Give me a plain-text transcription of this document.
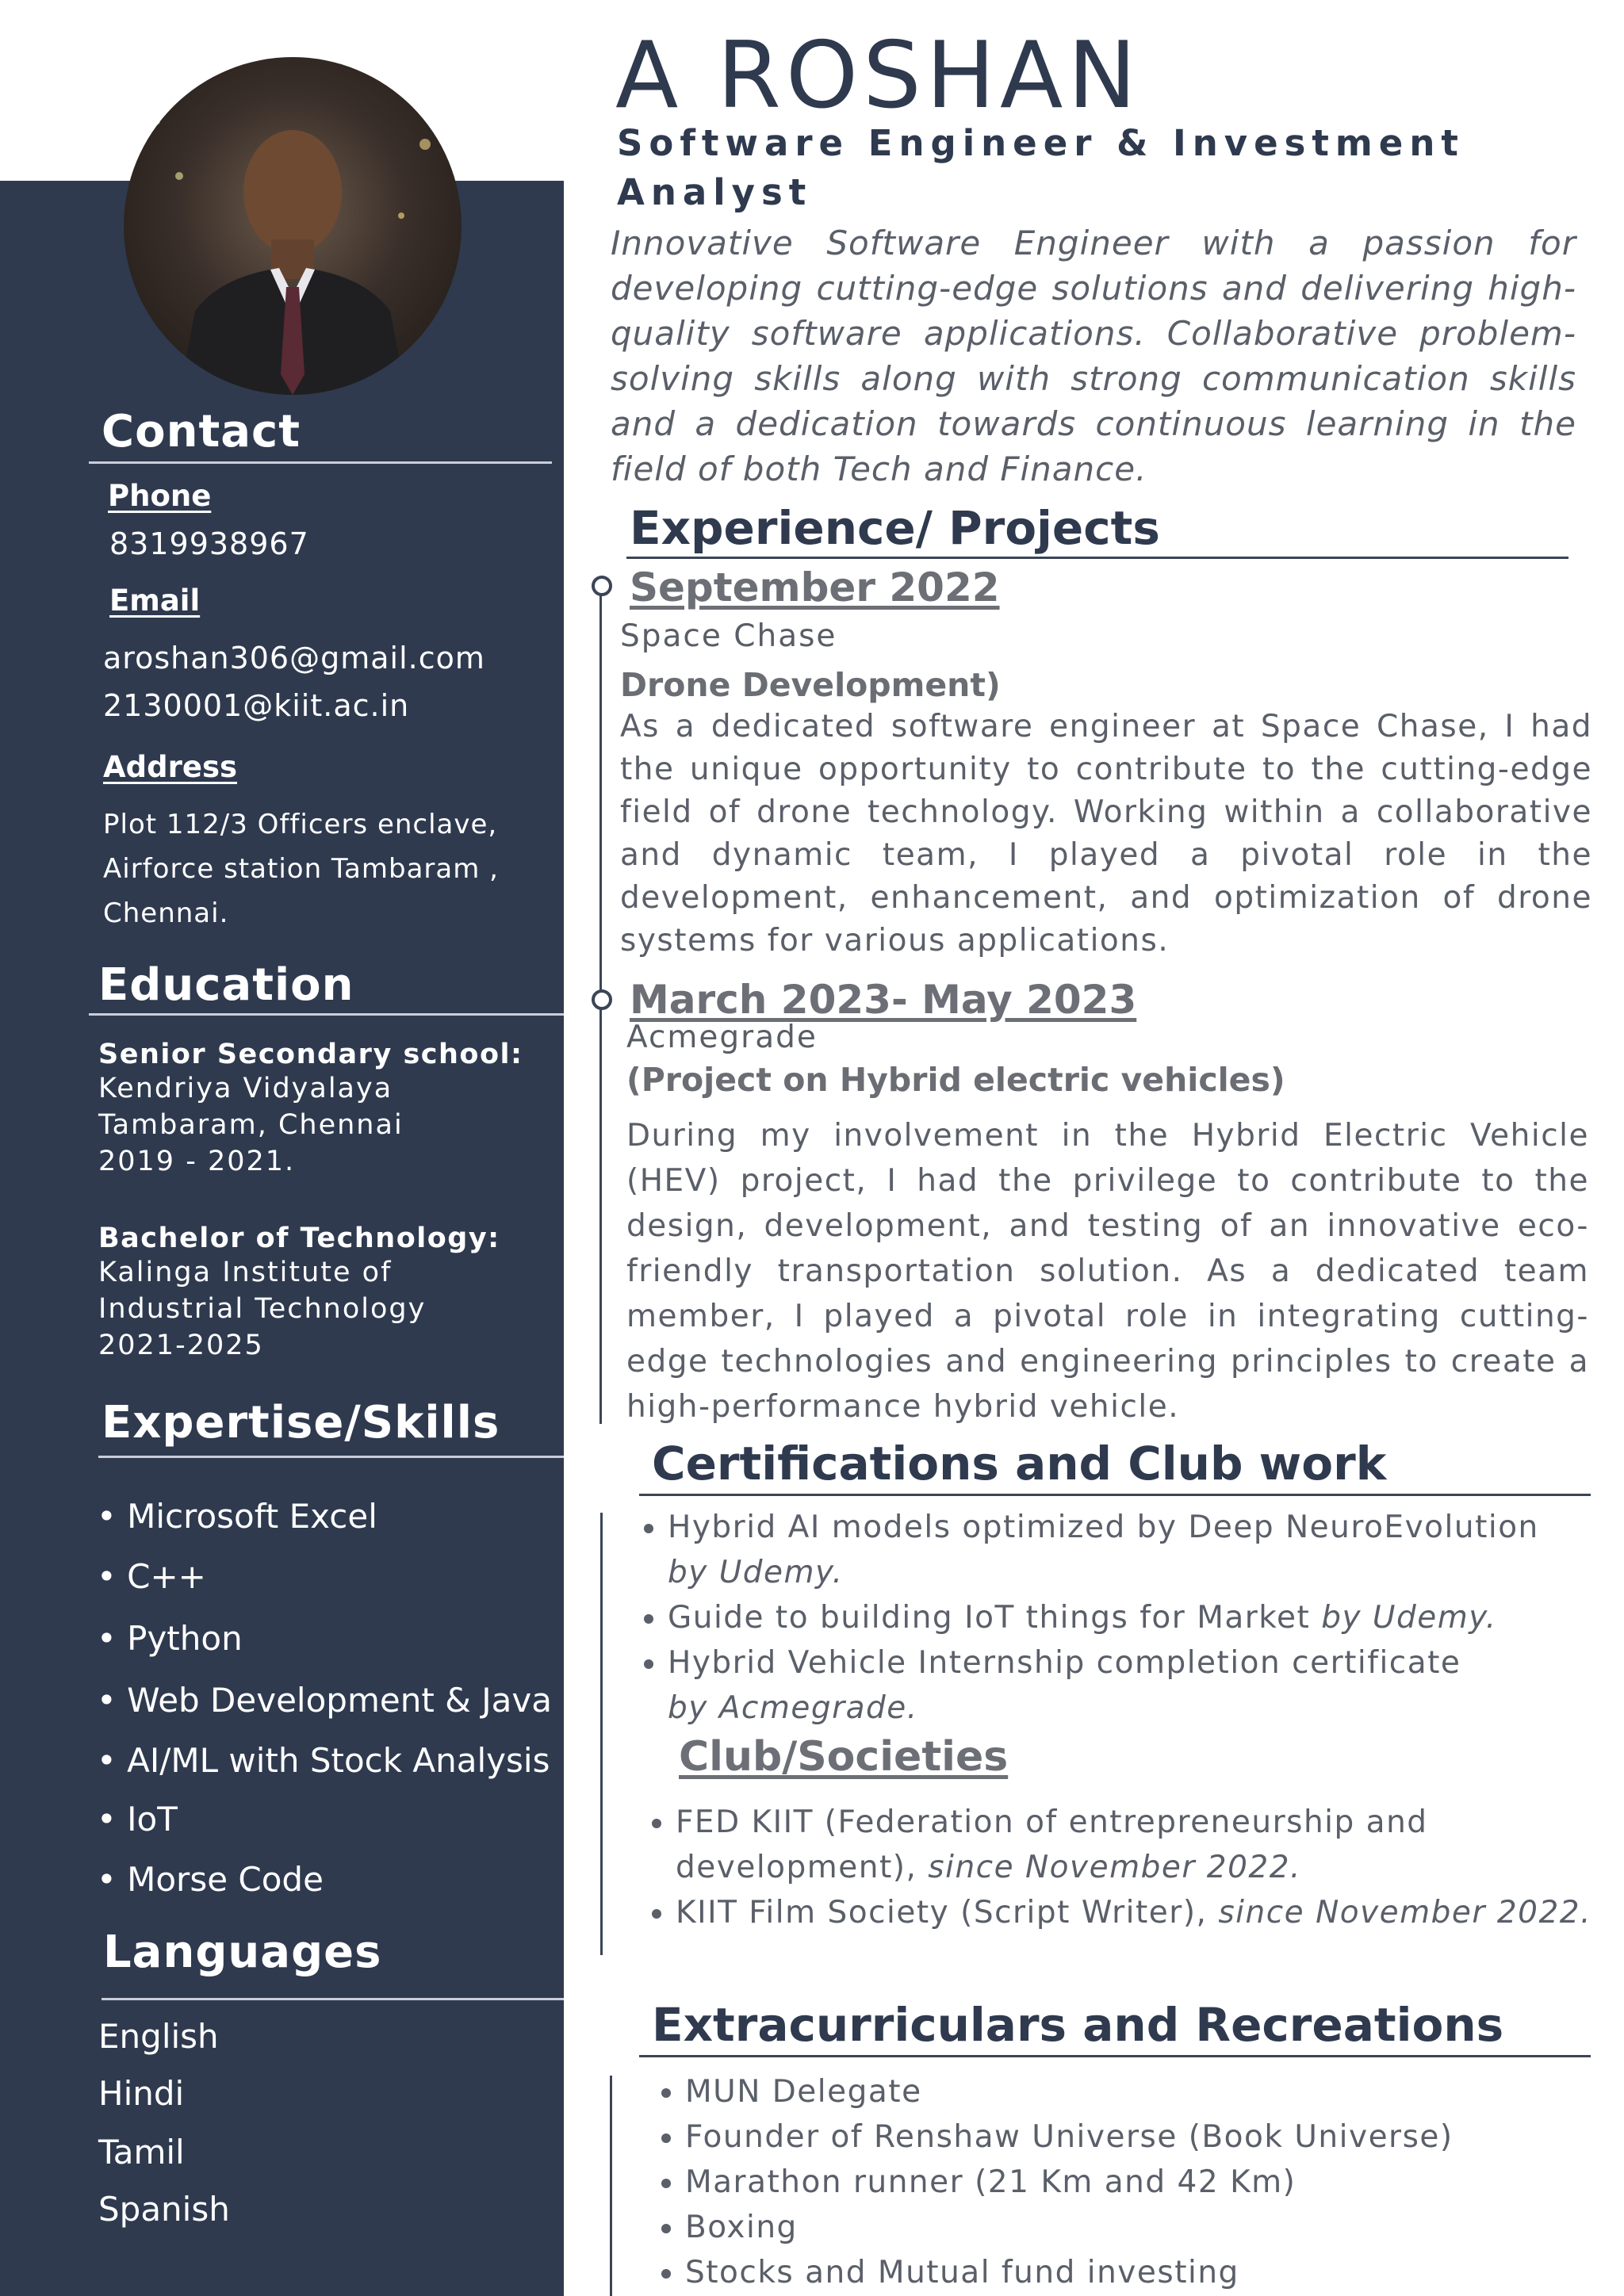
Contact
Phone
8319938967
Email
aroshan306@gmail.com
2130001@kiit.ac.in
Address
Plot 112/3 Officers enclave,
Airforce station Tambaram ,
Chennai.
Education
Senior Secondary school:
Kendriya Vidyalaya
Tambaram, Chennai
2019 - 2021.
Bachelor of Technology:
Kalinga Institute of
Industrial Technology
2021-2025
Expertise/Skills
• Microsoft Excel
• C++
• Python
• Web Development & Java
• AI/ML with Stock Analysis
• IoT
• Morse Code
Languages
English
Hindi
Tamil
Spanish
A ROSHAN
Software Engineer & Investment Analyst
Innovative Software Engineer with a passion for developing cutting-edge solutions and delivering high-quality software applications. Collaborative problem-solving skills along with strong communication skills and a dedication towards continuous learning in the field of both Tech and Finance.
Experience/ Projects
September 2022
Space Chase
Drone Development)
As a dedicated software engineer at Space Chase, I had the unique opportunity to contribute to the cutting-edge field of drone technology. Working within a collaborative and dynamic team, I played a pivotal role in the development, enhancement, and optimization of drone systems for various applications.
March 2023- May 2023
Acmegrade
(Project on Hybrid electric vehicles)
During my involvement in the Hybrid Electric Vehicle (HEV) project, I had the privilege to contribute to the design, development, and testing of an innovative eco-friendly transportation solution. As a dedicated team member, I played a pivotal role in integrating cutting-edge technologies and engineering principles to create a high-performance hybrid vehicle.
Certifications and Club work
• Hybrid AI models optimized by Deep NeuroEvolution
by Udemy.
• Guide to building IoT things for Market by Udemy.
• Hybrid Vehicle Internship completion certificate
by Acmegrade.
Club/Societies
• FED KIIT (Federation of entrepreneurship and development), since November 2022.
• KIIT Film Society (Script Writer), since November 2022.
Extracurriculars and Recreations
• MUN Delegate
• Founder of Renshaw Universe (Book Universe)
• Marathon runner (21 Km and 42 Km)
• Boxing
• Stocks and Mutual fund investing
